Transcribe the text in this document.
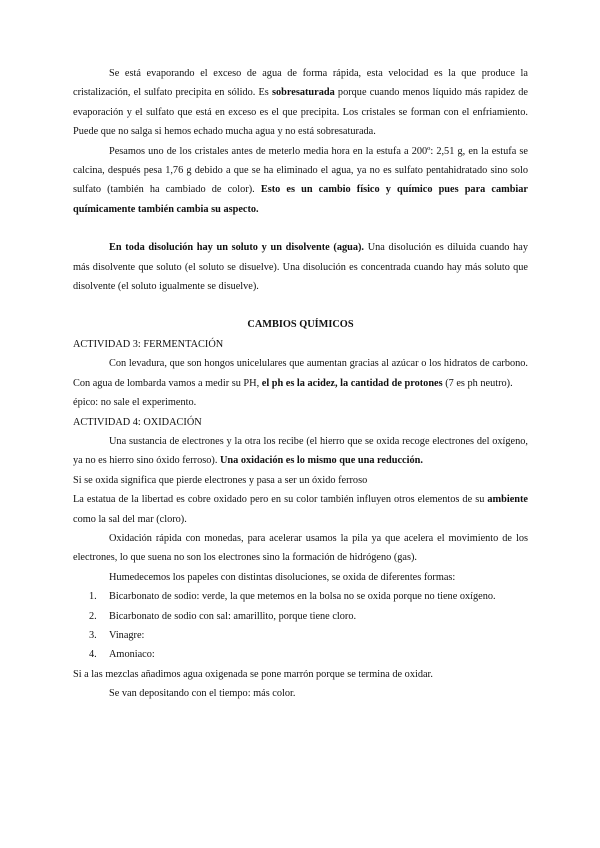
Se está evaporando el exceso de agua de forma rápida, esta velocidad es la que produce la cristalización, el sulfato precipita en sólido. Es sobresaturada porque cuando menos líquido más rapidez de evaporación y el sulfato que está en exceso es el que precipita. Los cristales se forman con el enfriamiento. Puede que no salga si hemos echado mucha agua y no está sobresaturada.

Pesamos uno de los cristales antes de meterlo media hora en la estufa a 200º: 2,51 g, en la estufa se calcina, después pesa 1,76 g debido a que se ha eliminado el agua, ya no es sulfato pentahidratado sino solo sulfato (también ha cambiado de color). Esto es un cambio físico y químico pues para cambiar químicamente también cambia su aspecto.

En toda disolución hay un soluto y un disolvente (agua). Una disolución es diluida cuando hay más disolvente que soluto (el soluto se disuelve). Una disolución es concentrada cuando hay más soluto que disolvente (el soluto igualmente se disuelve).

CAMBIOS QUÍMICOS

ACTIVIDAD 3: FERMENTACIÓN

Con levadura, que son hongos unicelulares que aumentan gracias al azúcar o los hidratos de carbono. Con agua de lombarda vamos a medir su PH, el ph es la acidez, la cantidad de protones (7 es ph neutro).

épico: no sale el experimento.

ACTIVIDAD 4: OXIDACIÓN

Una sustancia de electrones y la otra los recibe (el hierro que se oxida recoge electrones del oxígeno, ya no es hierro sino óxido ferroso). Una oxidación es lo mismo que una reducción.

Si se oxida significa que pierde electrones y pasa a ser un óxido ferroso

La estatua de la libertad es cobre oxidado pero en su color también influyen otros elementos de su ambiente como la sal del mar (cloro).

Oxidación rápida con monedas, para acelerar usamos la pila ya que acelera el movimiento de los electrones, lo que suena no son los electrones sino la formación de hidrógeno (gas).

Humedecemos los papeles con distintas disoluciones, se oxida de diferentes formas:

1. Bicarbonato de sodio: verde, la que metemos en la bolsa no se oxida porque no tiene oxígeno.
2. Bicarbonato de sodio con sal: amarillito, porque tiene cloro.
3. Vinagre:
4. Amoniaco:

Si a las mezclas añadimos agua oxigenada se pone marrón porque se termina de oxidar.

Se van depositando con el tiempo: más color.
